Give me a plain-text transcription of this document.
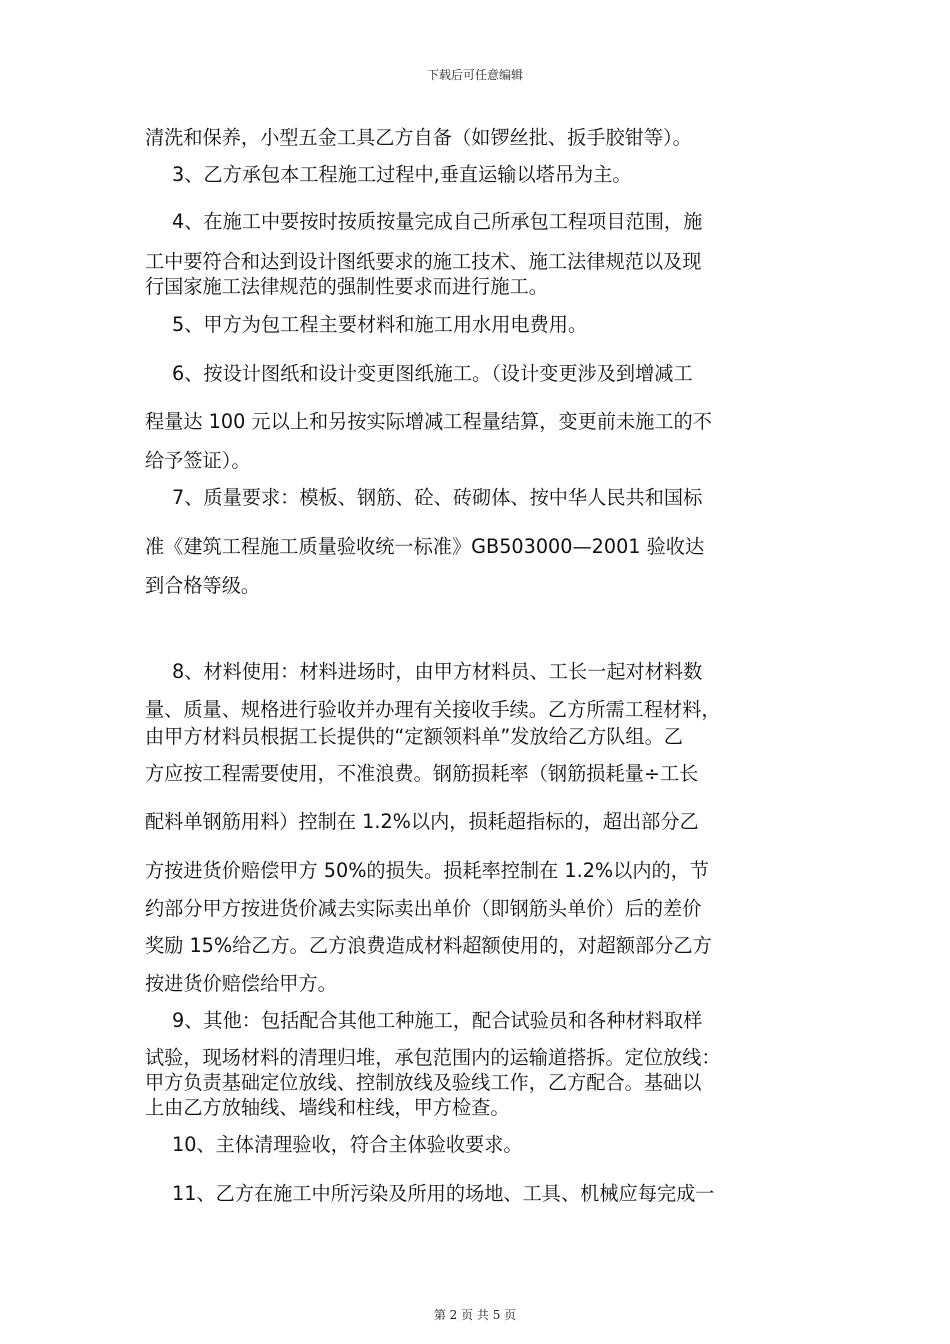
下载后可任意编辑

清洗和保养，小型五金工具乙方自备（如锣丝批、扳手胶钳等）。

3、乙方承包本工程施工过程中,垂直运输以塔吊为主。

4、在施工中要按时按质按量完成自己所承包工程项目范围，施

工中要符合和达到设计图纸要求的施工技术、施工法律规范以及现

行国家施工法律规范的强制性要求而进行施工。

5、甲方为包工程主要材料和施工用水用电费用。

6、按设计图纸和设计变更图纸施工。（设计变更涉及到增减工

程量达 100 元以上和另按实际增减工程量结算，变更前未施工的不

给予签证）。

7、质量要求：模板、钢筋、砼、砖砌体、按中华人民共和国标

准《建筑工程施工质量验收统一标准》GB503000—2001 验收达

到合格等级。

8、材料使用：材料进场时，由甲方材料员、工长一起对材料数

量、质量、规格进行验收并办理有关接收手续。乙方所需工程材料，

由甲方材料员根据工长提供的“定额领料单”发放给乙方队组。乙

方应按工程需要使用，不准浪费。钢筋损耗率（钢筋损耗量÷工长

配料单钢筋用料）控制在 1.2%以内，损耗超指标的，超出部分乙

方按进货价赔偿甲方 50%的损失。损耗率控制在 1.2%以内的，节

约部分甲方按进货价减去实际卖出单价（即钢筋头单价）后的差价

奖励 15%给乙方。乙方浪费造成材料超额使用的，对超额部分乙方

按进货价赔偿给甲方。

9、其他：包括配合其他工种施工，配合试验员和各种材料取样

试验，现场材料的清理归堆，承包范围内的运输道搭拆。定位放线：

甲方负责基础定位放线、控制放线及验线工作，乙方配合。基础以

上由乙方放轴线、墙线和柱线，甲方检查。

10、主体清理验收，符合主体验收要求。

11、乙方在施工中所污染及所用的场地、工具、机械应每完成一

第 2 页 共 5 页
